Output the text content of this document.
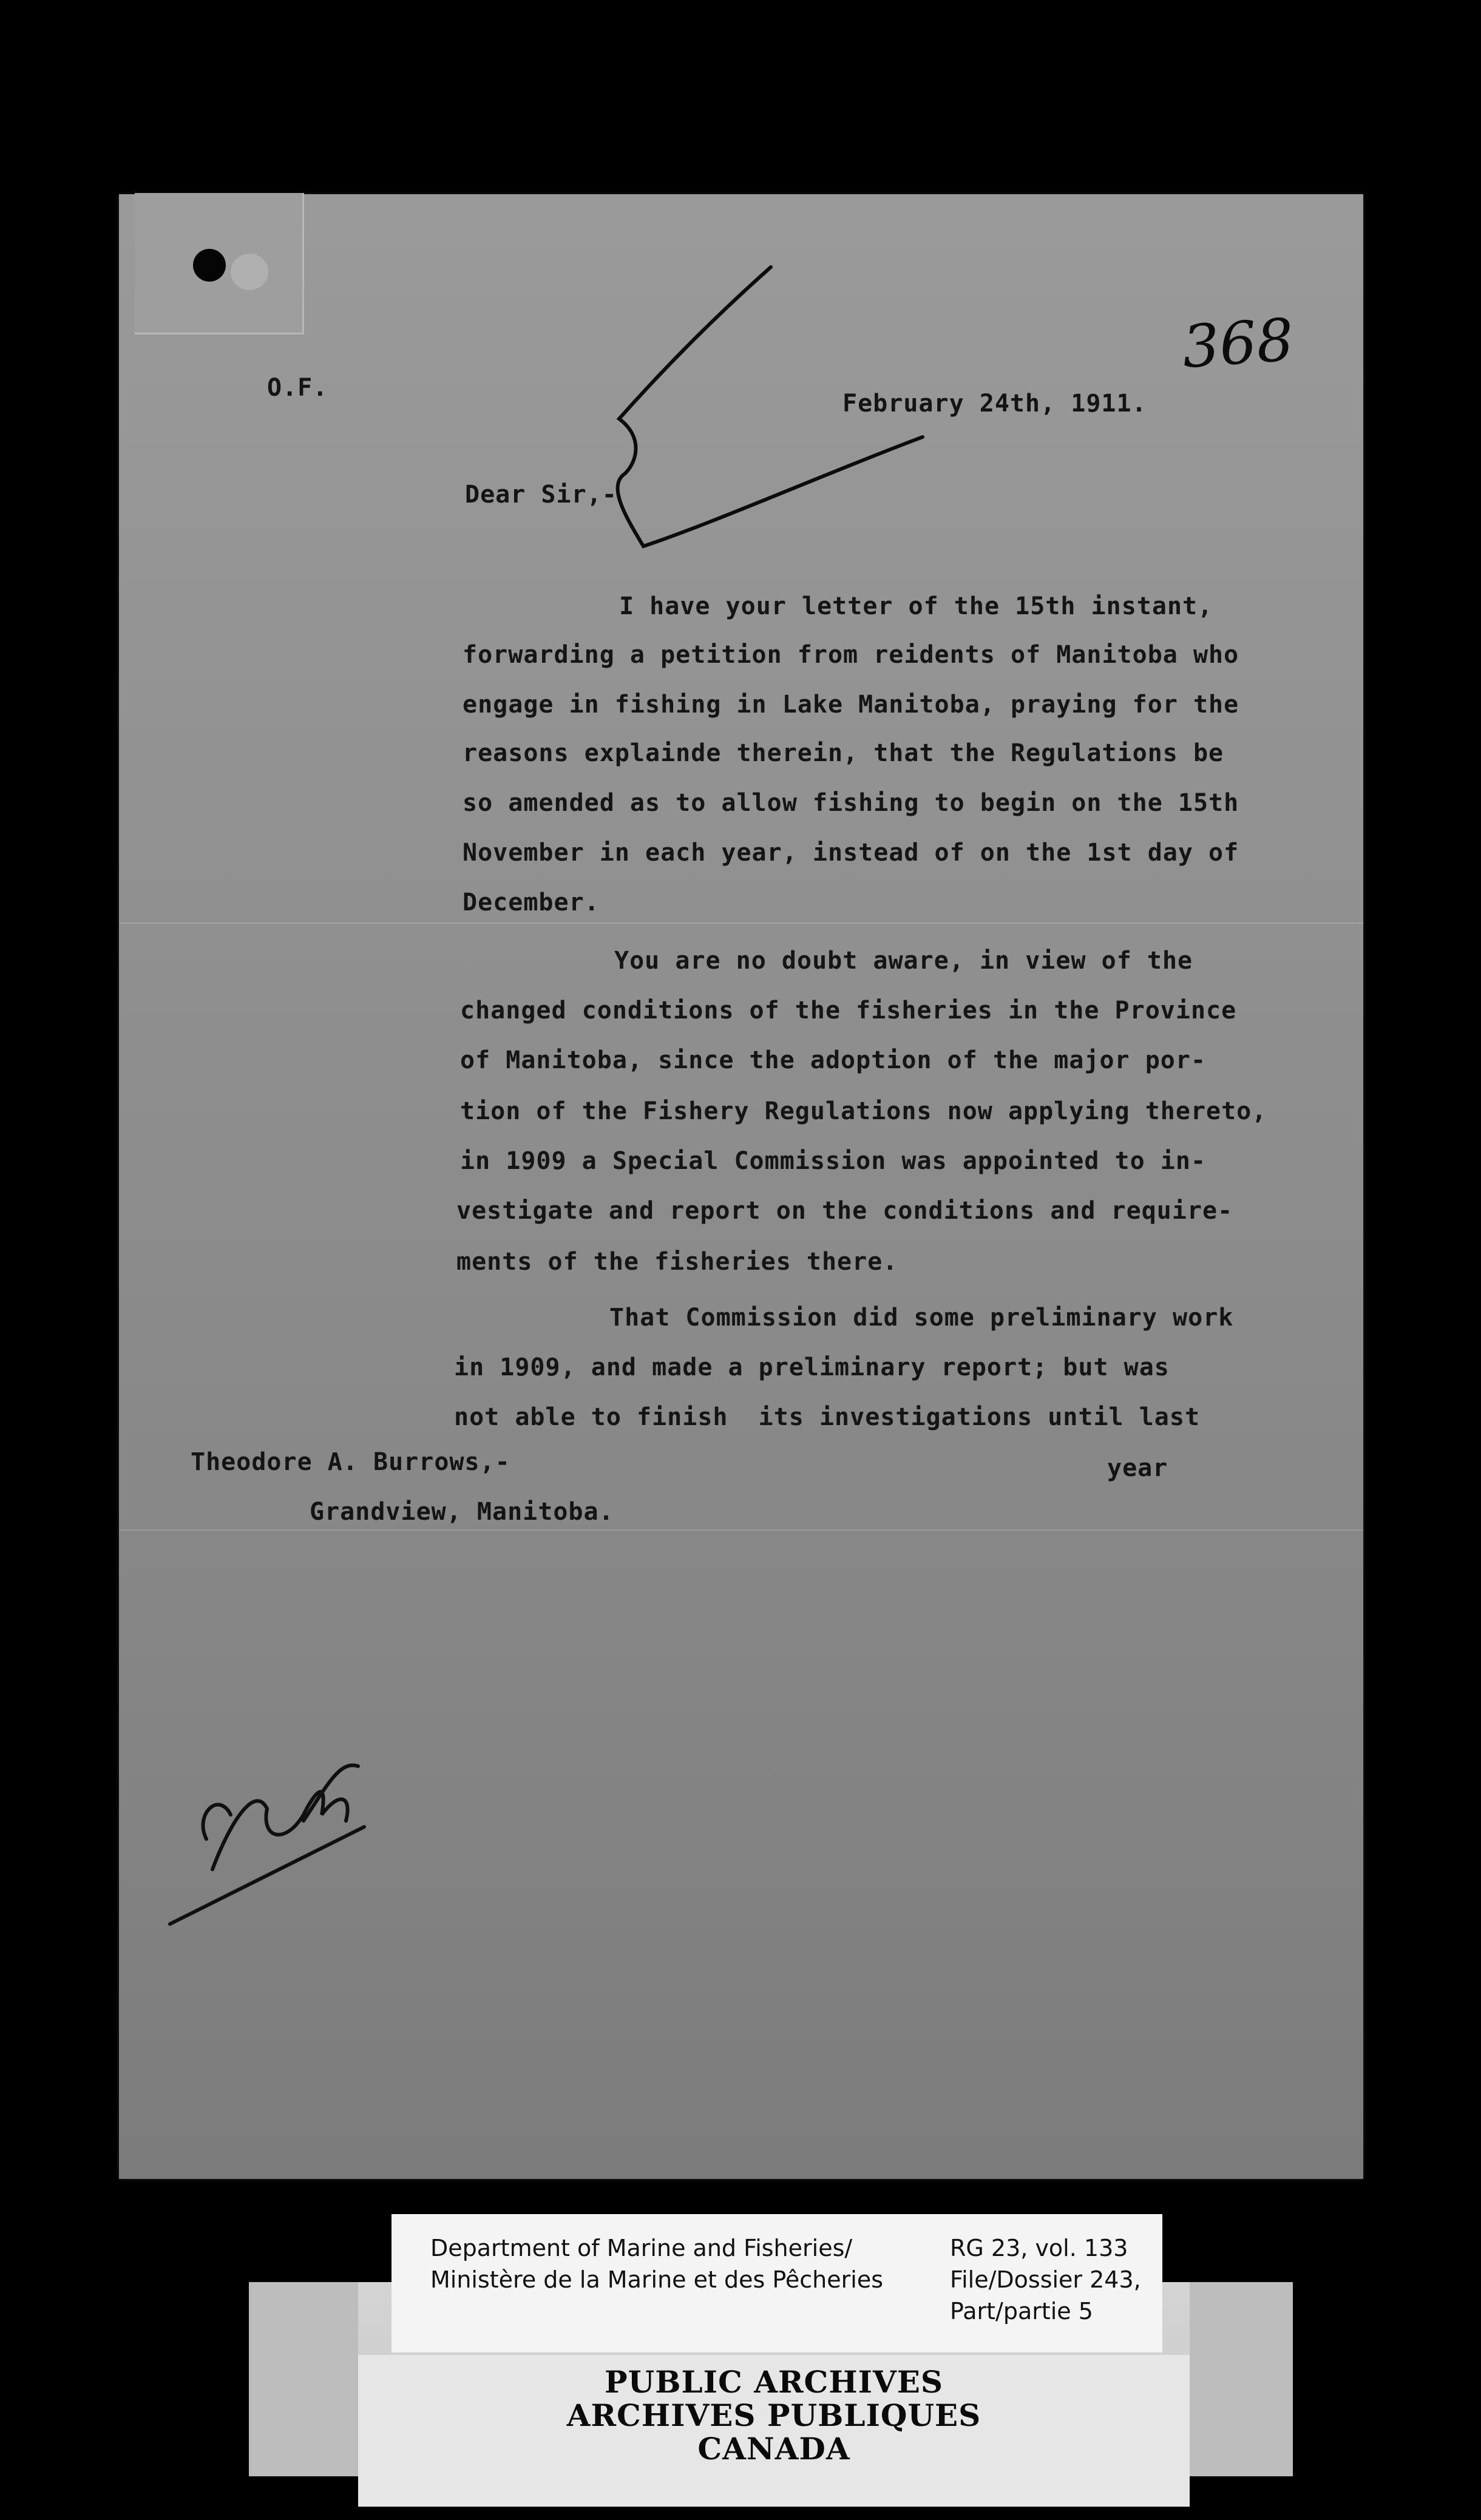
O.F.
February 24th, 1911.
368
Dear Sir,-
I have your letter of the 15th instant,
forwarding a petition from reidents of Manitoba who
engage in fishing in Lake Manitoba, praying for the
reasons explainde therein, that the Regulations be
so amended as to allow fishing to begin on the 15th
November in each year, instead of on the 1st day of
December.
You are no doubt aware, in view of the
changed conditions of the fisheries in the Province
of Manitoba, since the adoption of the major por-
tion of the Fishery Regulations now applying thereto,
in 1909 a Special Commission was appointed to in-
vestigate and report on the conditions and require-
ments of the fisheries there.
That Commission did some preliminary work
in 1909, and made a preliminary report; but was
not able to finish  its investigations until last
year
Theodore A. Burrows,-
Grandview, Manitoba.
PUBLIC ARCHIVES
ARCHIVES PUBLIQUES
CANADA
Department of Marine and Fisheries/
Ministère de la Marine et des Pêcheries
RG 23, vol. 133
File/Dossier 243,
Part/partie 5
